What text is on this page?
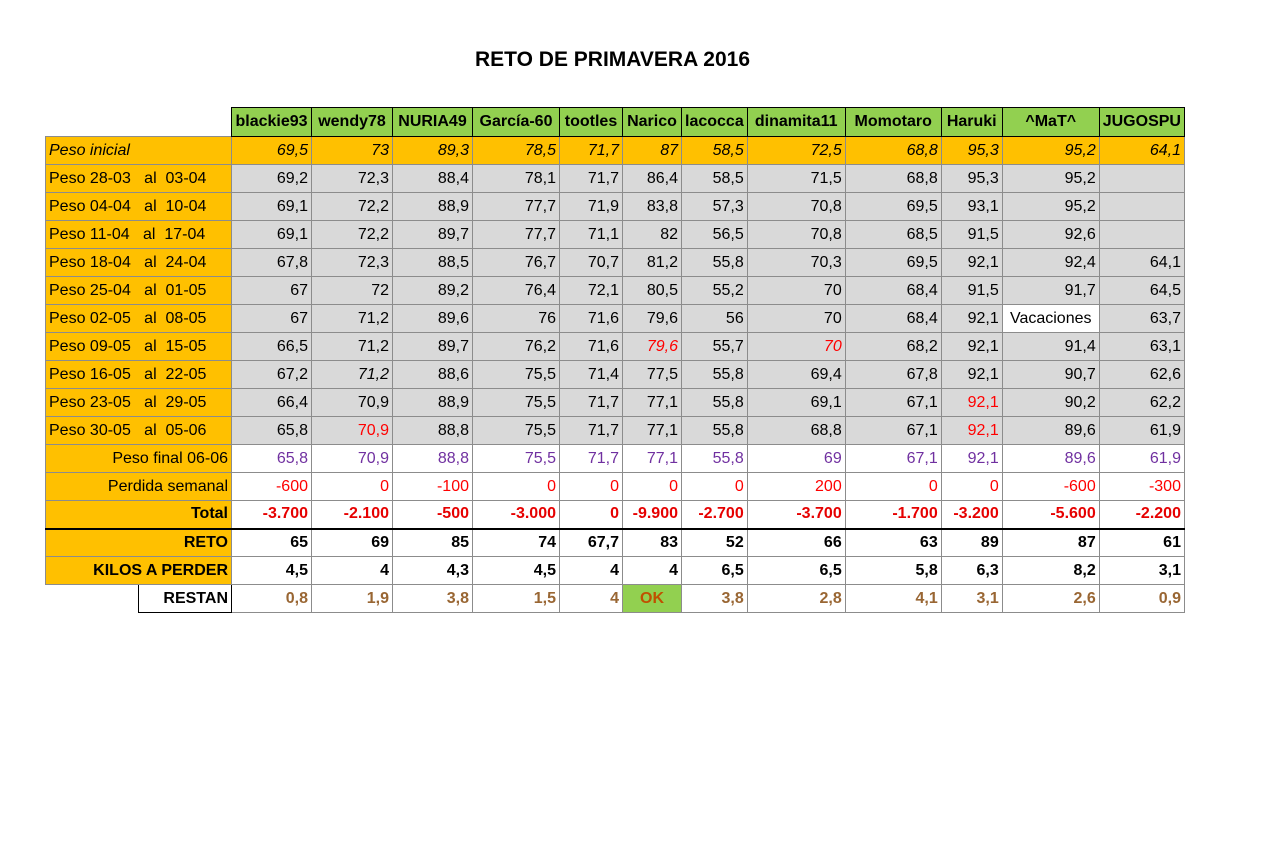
RETO DE PRIMAVERA 2016
		blackie93	wendy78	NURIA49	García-60	tootles	Narico	lacocca	dinamita11	Momotaro	Haruki	^MaT^	JUGOSPU
Peso inicial		69,5	73	89,3	78,5	71,7	87	58,5	72,5	68,8	95,3	95,2	64,1
Peso 28-03   al  03-04		69,2	72,3	88,4	78,1	71,7	86,4	58,5	71,5	68,8	95,3	95,2	
Peso 04-04   al  10-04		69,1	72,2	88,9	77,7	71,9	83,8	57,3	70,8	69,5	93,1	95,2	
Peso 11-04   al  17-04		69,1	72,2	89,7	77,7	71,1	82	56,5	70,8	68,5	91,5	92,6	
Peso 18-04   al  24-04		67,8	72,3	88,5	76,7	70,7	81,2	55,8	70,3	69,5	92,1	92,4	64,1
Peso 25-04   al  01-05		67	72	89,2	76,4	72,1	80,5	55,2	70	68,4	91,5	91,7	64,5
Peso 02-05   al  08-05		67	71,2	89,6	76	71,6	79,6	56	70	68,4	92,1	Vacaciones	63,7
Peso 09-05   al  15-05		66,5	71,2	89,7	76,2	71,6	79,6	55,7	70	68,2	92,1	91,4	63,1
Peso 16-05   al  22-05		67,2	71,2	88,6	75,5	71,4	77,5	55,8	69,4	67,8	92,1	90,7	62,6
Peso 23-05   al  29-05		66,4	70,9	88,9	75,5	71,7	77,1	55,8	69,1	67,1	92,1	90,2	62,2
Peso 30-05   al  05-06		65,8	70,9	88,8	75,5	71,7	77,1	55,8	68,8	67,1	92,1	89,6	61,9
Peso final 06-06		65,8	70,9	88,8	75,5	71,7	77,1	55,8	69	67,1	92,1	89,6	61,9
Perdida semanal		-600	0	-100	0	0	0	0	200	0	0	-600	-300
Total		-3.700	-2.100	-500	-3.000	0	-9.900	-2.700	-3.700	-1.700	-3.200	-5.600	-2.200
RETO		65	69	85	74	67,7	83	52	66	63	89	87	61
KILOS A PERDER		4,5	4	4,3	4,5	4	4	6,5	6,5	5,8	6,3	8,2	3,1
	RESTAN	0,8	1,9	3,8	1,5	4	OK	3,8	2,8	4,1	3,1	2,6	0,9
